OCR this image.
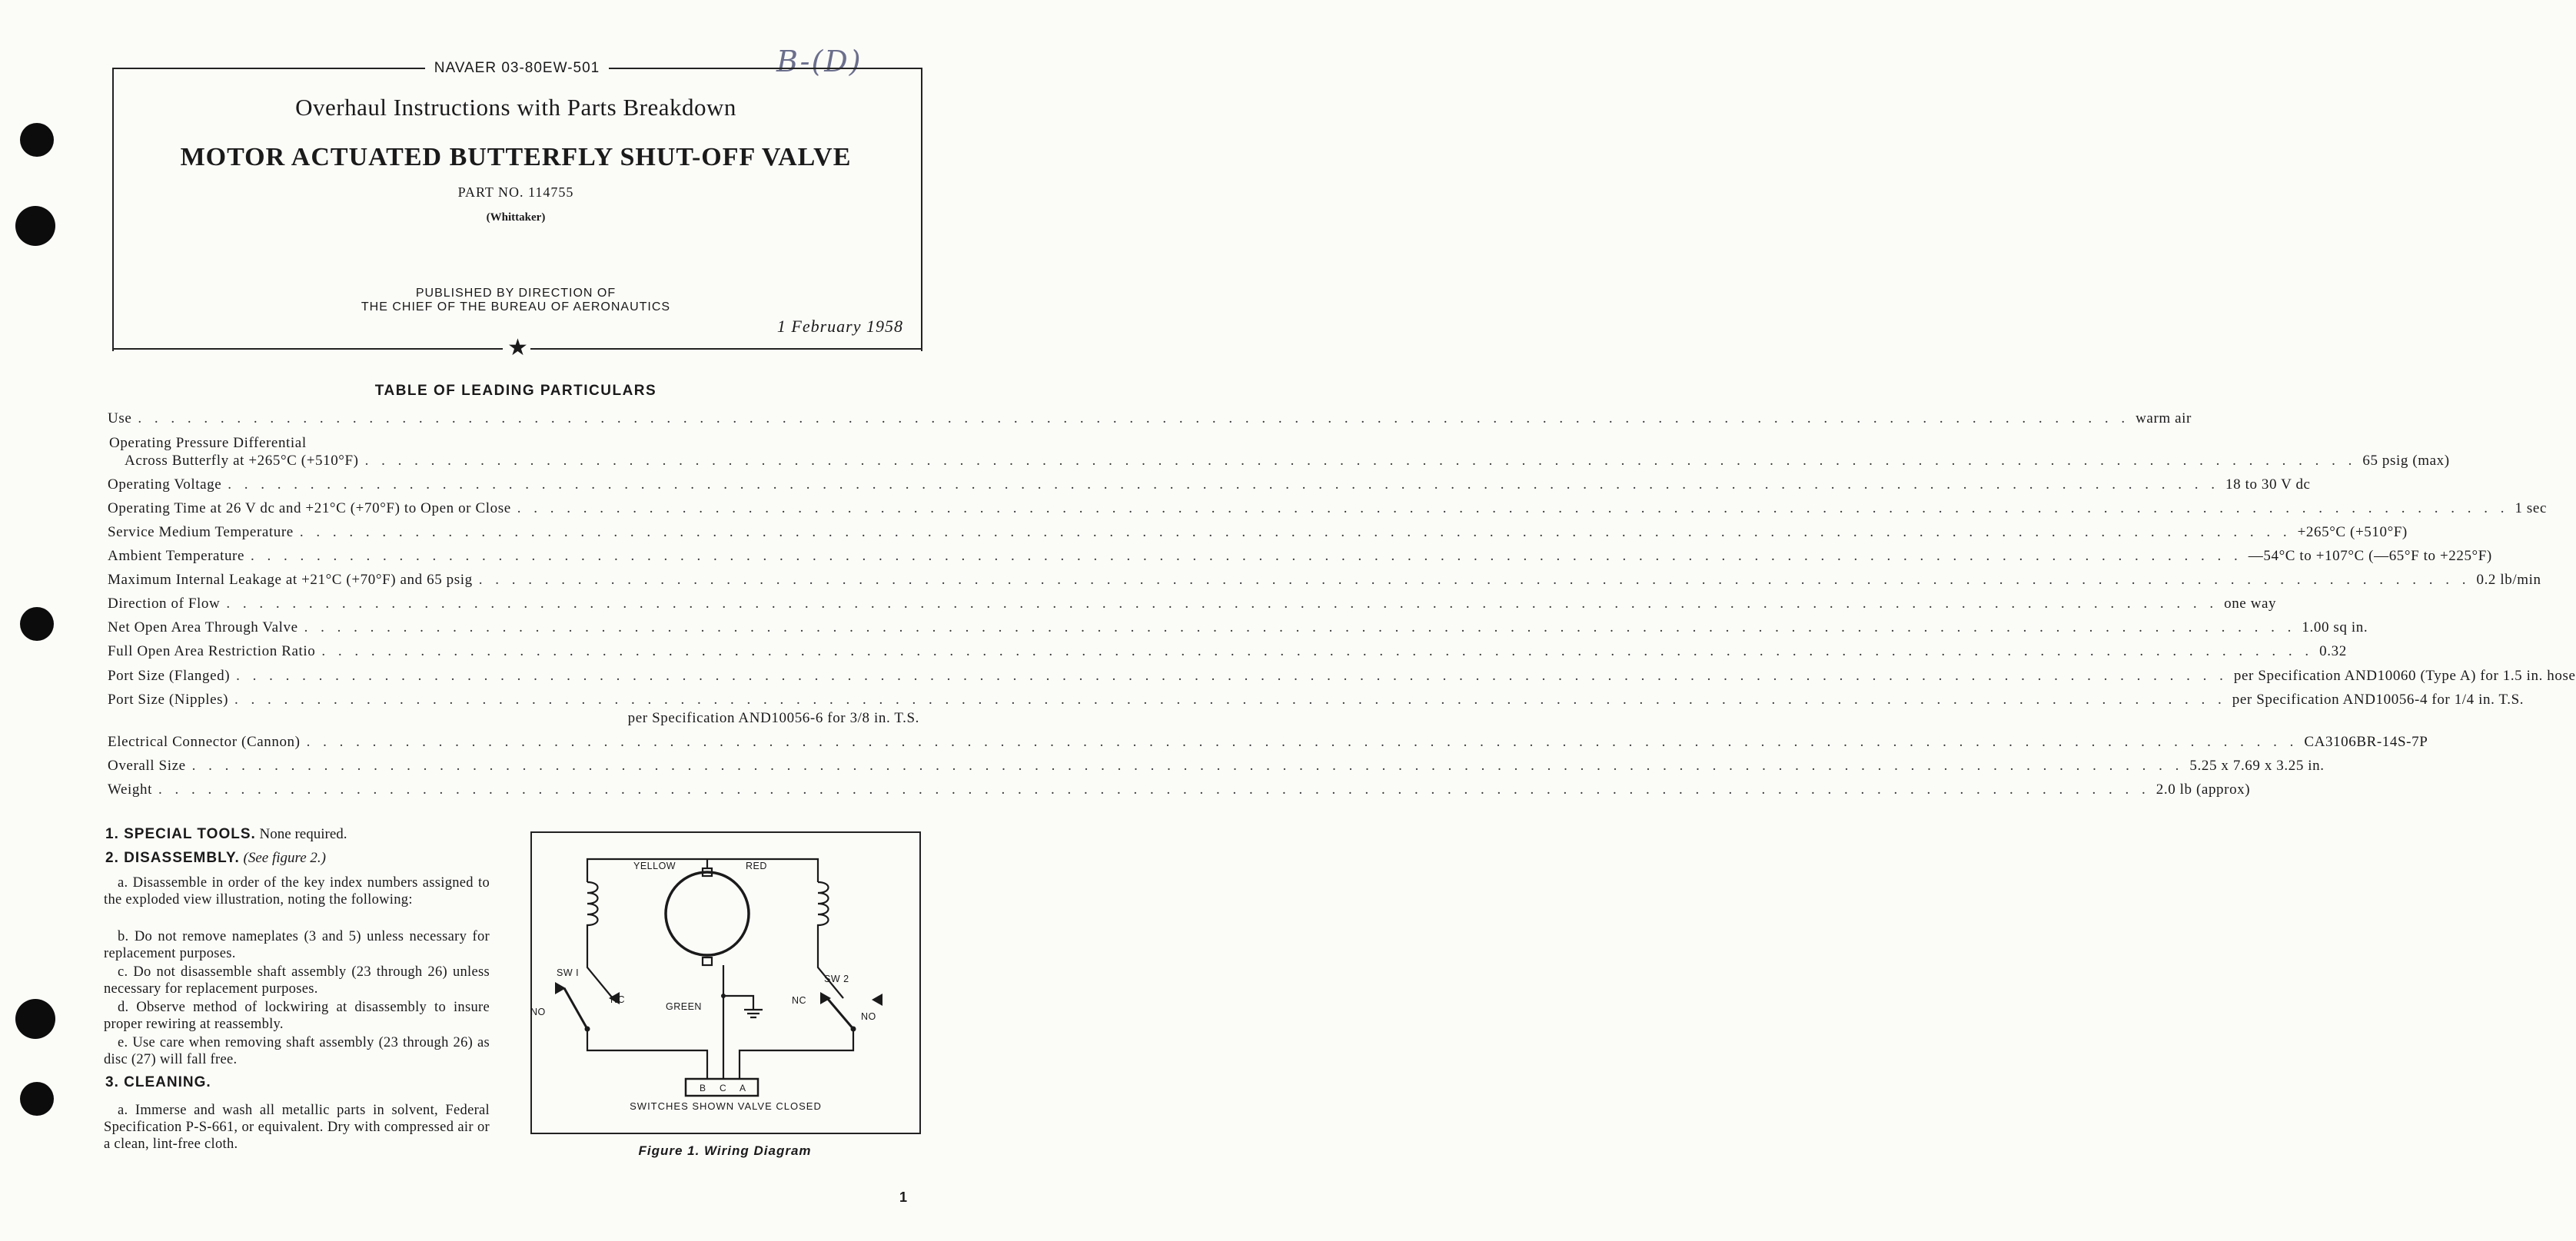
B-(D)
★
NAVAER 03-80EW-501
Overhaul Instructions with Parts Breakdown
MOTOR ACTUATED BUTTERFLY SHUT-OFF VALVE
PART NO. 114755
(Whittaker)
PUBLISHED BY DIRECTION OF
THE CHIEF OF THE BUREAU OF AERONAUTICS
1 February 1958
TABLE OF LEADING PARTICULARS
Use . . .	warm air
Operating Pressure Differential
Across Butterfly at +265°C (+510°F) . . .	65 psig (max)
Operating Voltage . . .	18 to 30 V dc
Operating Time at 26 V dc and +21°C (+70°F) to Open or Close . . .	1 sec
Service Medium Temperature . . .	+265°C (+510°F)
Ambient Temperature . . .	—54°C to +107°C (—65°F to +225°F)
Maximum Internal Leakage at +21°C (+70°F) and 65 psig . . .	0.2 lb/min
Direction of Flow . . .	one way
Net Open Area Through Valve . . .	1.00 sq in.
Full Open Area Restriction Ratio . . .	0.32
Port Size (Flanged) . . .	per Specification AND10060 (Type A) for 1.5 in. hose
Port Size (Nipples) . . .	per Specification AND10056-4 for 1/4 in. T.S.
per Specification AND10056-6 for 3/8 in. T.S.
Electrical Connector (Cannon) . . .	CA3106BR-14S-7P
Overall Size . . .	5.25 x 7.69 x 3.25 in.
Weight . . .	2.0 lb (approx)
1. SPECIAL TOOLS. None required.
2. DISASSEMBLY. (See figure 2.)
a. Disassemble in order of the key index numbers assigned to the exploded view illustration, noting the following:
b. Do not remove nameplates (3 and 5) unless necessary for replacement purposes.
c. Do not disassemble shaft assembly (23 through 26) unless necessary for replacement purposes.
d. Observe method of lockwiring at disassembly to insure proper rewiring at reassembly.
e. Use care when removing shaft assembly (23 through 26) as disc (27) will fall free.
3. CLEANING.
a. Immerse and wash all metallic parts in solvent, Federal Specification P-S-661, or equivalent. Dry with compressed air or a clean, lint-free cloth.
YELLOW	RED
SW I
SW 2
NC	NC
NO	NO
GREEN
B C A
SWITCHES SHOWN VALVE CLOSED
Figure 1. Wiring Diagram
1
